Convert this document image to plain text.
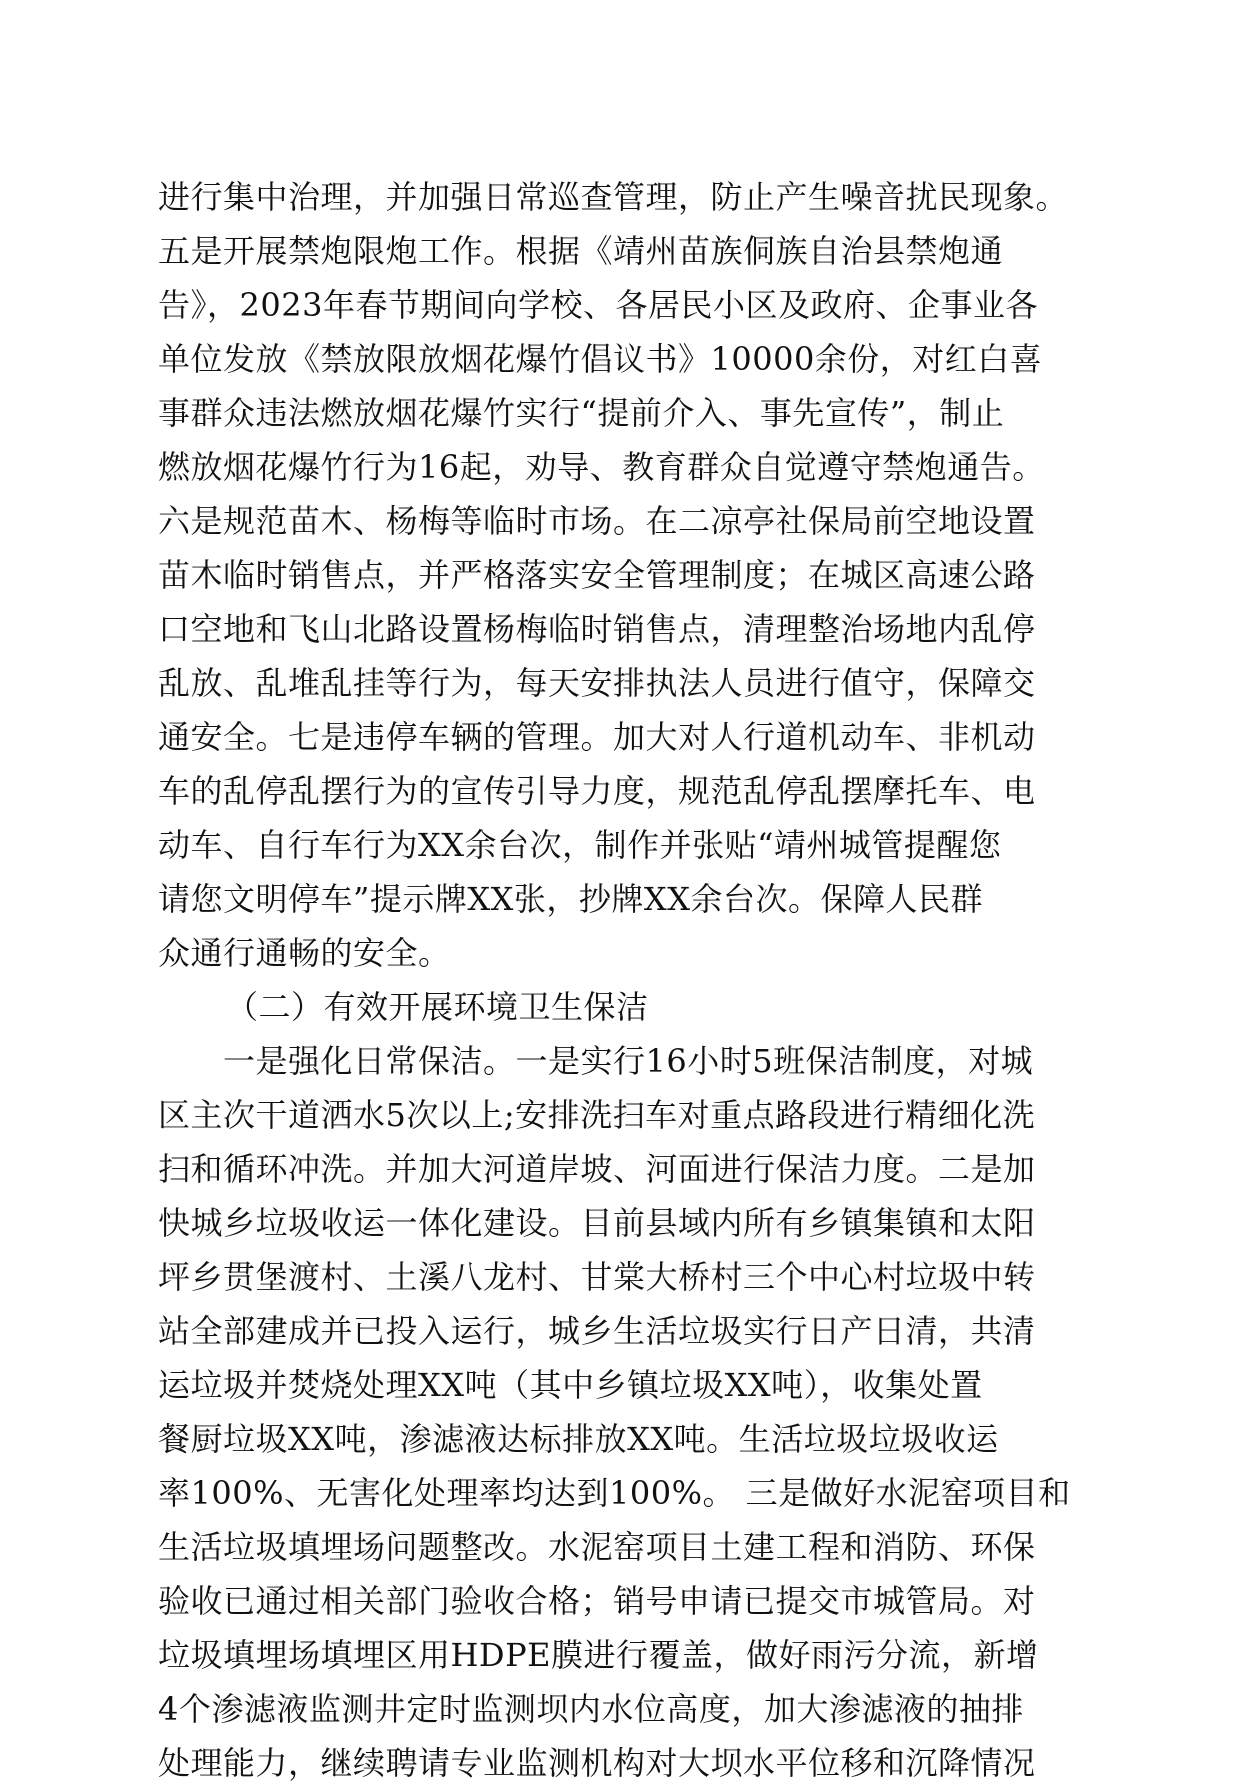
进行集中治理，并加强日常巡查管理，防止产生噪音扰民现象。
五是开展禁炮限炮工作。根据《靖州苗族侗族自治县禁炮通
告》，2023年春节期间向学校、各居民小区及政府、企事业各
单位发放《禁放限放烟花爆竹倡议书》10000余份，对红白喜
事群众违法燃放烟花爆竹实行“提前介入、事先宣传”，制止
燃放烟花爆竹行为16起，劝导、教育群众自觉遵守禁炮通告。
六是规范苗木、杨梅等临时市场。在二凉亭社保局前空地设置
苗木临时销售点，并严格落实安全管理制度；在城区高速公路
口空地和飞山北路设置杨梅临时销售点，清理整治场地内乱停
乱放、乱堆乱挂等行为，每天安排执法人员进行值守，保障交
通安全。七是违停车辆的管理。加大对人行道机动车、非机动
车的乱停乱摆行为的宣传引导力度，规范乱停乱摆摩托车、电
动车、自行车行为XX余台次，制作并张贴“靖州城管提醒您
请您文明停车”提示牌XX张，抄牌XX余台次。保障人民群
众通行通畅的安全。
（二）有效开展环境卫生保洁
　　一是强化日常保洁。一是实行16小时5班保洁制度，对城
区主次干道洒水5次以上;安排洗扫车对重点路段进行精细化洗
扫和循环冲洗。并加大河道岸坡、河面进行保洁力度。二是加
快城乡垃圾收运一体化建设。目前县域内所有乡镇集镇和太阳
坪乡贯堡渡村、土溪八龙村、甘棠大桥村三个中心村垃圾中转
站全部建成并已投入运行，城乡生活垃圾实行日产日清，共清
运垃圾并焚烧处理XX吨（其中乡镇垃圾XX吨），收集处置
餐厨垃圾XX吨，渗滤液达标排放XX吨。生活垃圾垃圾收运
率100%、无害化处理率均达到100%。 三是做好水泥窑项目和
生活垃圾填埋场问题整改。水泥窑项目土建工程和消防、环保
验收已通过相关部门验收合格；销号申请已提交市城管局。对
垃圾填埋场填埋区用HDPE膜进行覆盖，做好雨污分流，新增
4个渗滤液监测井定时监测坝内水位高度，加大渗滤液的抽排
处理能力，继续聘请专业监测机构对大坝水平位移和沉降情况
